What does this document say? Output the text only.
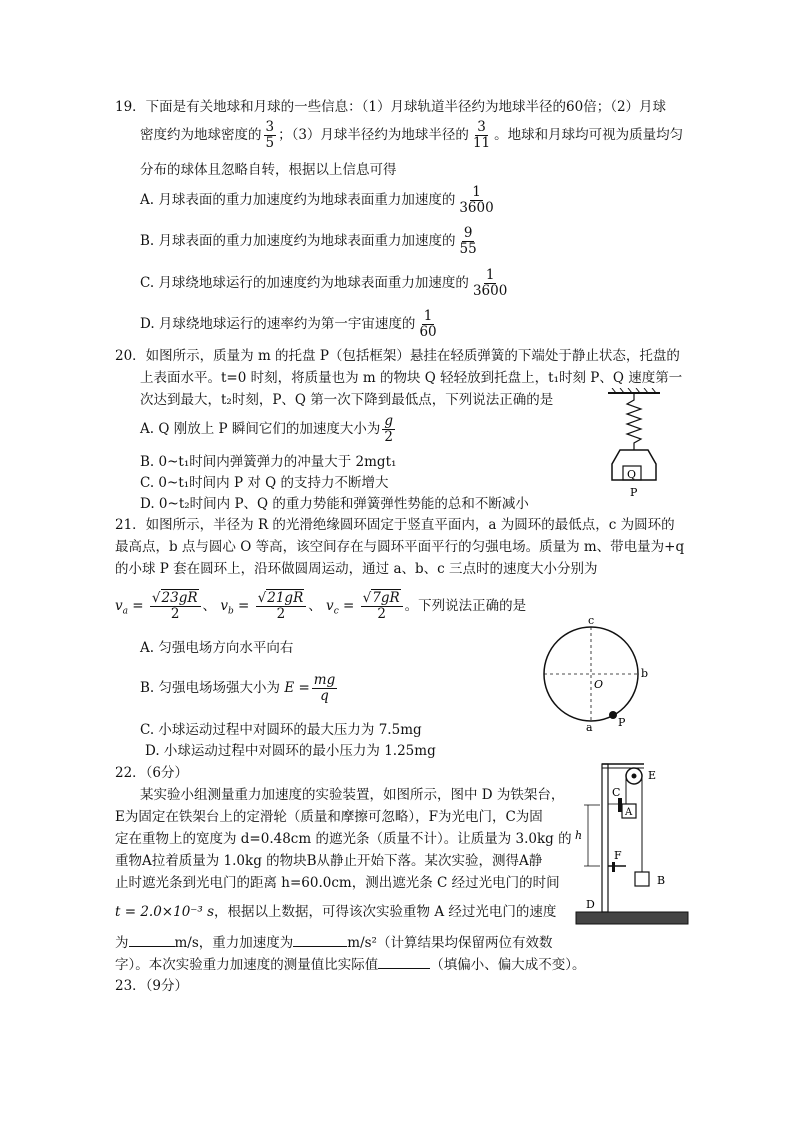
19．下面是有关地球和月球的一些信息：（1）月球轨道半径约为地球半径的60倍；（2）月球
密度约为地球密度的 $\frac{3}{5}$ ；（3）月球半径约为地球半径的 $\frac{3}{11}$ 。地球和月球均可视为质量均匀
分布的球体且忽略自转，根据以上信息可得
A. 月球表面的重力加速度约为地球表面重力加速度的 $\frac{1}{3600}$
B. 月球表面的重力加速度约为地球表面重力加速度的 $\frac{9}{55}$
C. 月球绕地球运行的加速度约为地球表面重力加速度的 $\frac{1}{3600}$
D. 月球绕地球运行的速率约为第一宇宙速度的 $\frac{1}{60}$
20．如图所示，质量为 m 的托盘 P（包括框架）悬挂在轻质弹簧的下端处于静止状态，托盘的
上表面水平。t=0 时刻，将质量也为 m 的物块 Q 轻轻放到托盘上，t₁时刻 P、Q 速度第一
次达到最大，t₂时刻，P、Q 第一次下降到最低点，下列说法正确的是
A. Q 刚放上 P 瞬间它们的加速度大小为 $\frac{g}{2}$
B. 0~t₁时间内弹簧弹力的冲量大于 2mgt₁
C. 0~t₁时间内 P 对 Q 的支持力不断增大
D. 0~t₂时间内 P、Q 的重力势能和弹簧弹性势能的总和不断减小
Q
P
21．如图所示，半径为 R 的光滑绝缘圆环固定于竖直平面内，a 为圆环的最低点，c 为圆环的
最高点，b 点与圆心 O 等高，该空间存在与圆环平面平行的匀强电场。质量为 m、带电量为+q
的小球 P 套在圆环上，沿环做圆周运动，通过 a、b、c 三点时的速度大小分别为
$v_a = \frac{√23gR}{2}$ 、 $v_b = \frac{√21gR}{2}$ 、 $v_c = \frac{√7gR}{2}$ 。下列说法正确的是
A. 匀强电场方向水平向右
B. 匀强电场场强大小为 $E = \frac{mg}{q}$
C. 小球运动过程中对圆环的最大压力为 7.5mg
D. 小球运动过程中对圆环的最小压力为 1.25mg
c
b
O
a P
22．（6分）
某实验小组测量重力加速度的实验装置，如图所示，图中 D 为铁架台，
E为固定在铁架台上的定滑轮（质量和摩擦可忽略），F为光电门，C为固
定在重物上的宽度为 d=0.48cm 的遮光条（质量不计）。让质量为 3.0kg 的
重物A拉着质量为 1.0kg 的物块B从静止开始下落。某次实验，测得A静
止时遮光条到光电门的距离 h=60.0cm，测出遮光条 C 经过光电门的时间
t = 2.0×10⁻³ s，根据以上数据，可得该次实验重物 A 经过光电门的速度
为	m/s，重力加速度为	m/s²（计算结果均保留两位有效数
字）。本次实验重力加速度的测量值比实际值	（填偏小、偏大成不变）。
E
C
A
h
F
B
D
23．（9分）
